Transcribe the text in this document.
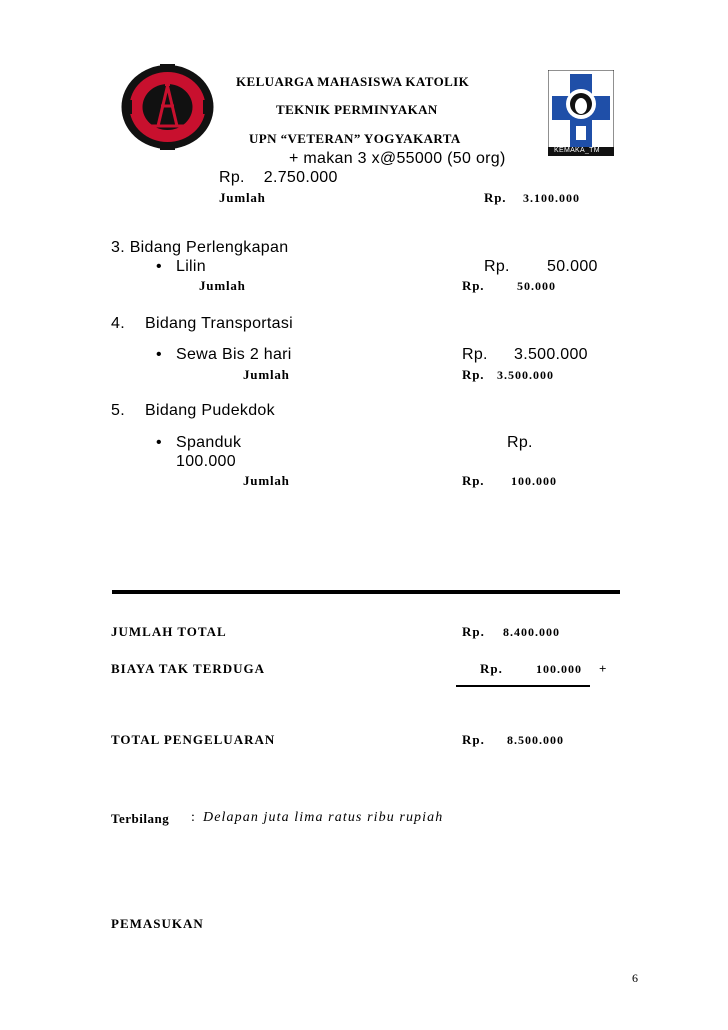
KELUARGA MAHASISWA KATOLIK
TEKNIK PERMINYAKAN
UPN “VETERAN” YOGYAKARTA
KEMAKA_TM
+ makan 3 x@55000 (50 org)
Rp.    2.750.000
Jumlah	Rp. 3.100.000
3. Bidang Perlengkapan
• Lilin	Rp. 50.000
Jumlah	Rp.	50.000
4. Bidang Transportasi
• Sewa Bis 2 hari	Rp. 3.500.000
Jumlah	Rp. 3.500.000
5. Bidang Pudekdok
• Spanduk	Rp.
100.000
Jumlah	Rp. 100.000
JUMLAH TOTAL	Rp. 8.400.000
BIAYA TAK TERDUGA	Rp.	100.000 +
TOTAL PENGELUARAN	Rp. 8.500.000
Terbilang : Delapan juta lima ratus ribu rupiah
PEMASUKAN
6
